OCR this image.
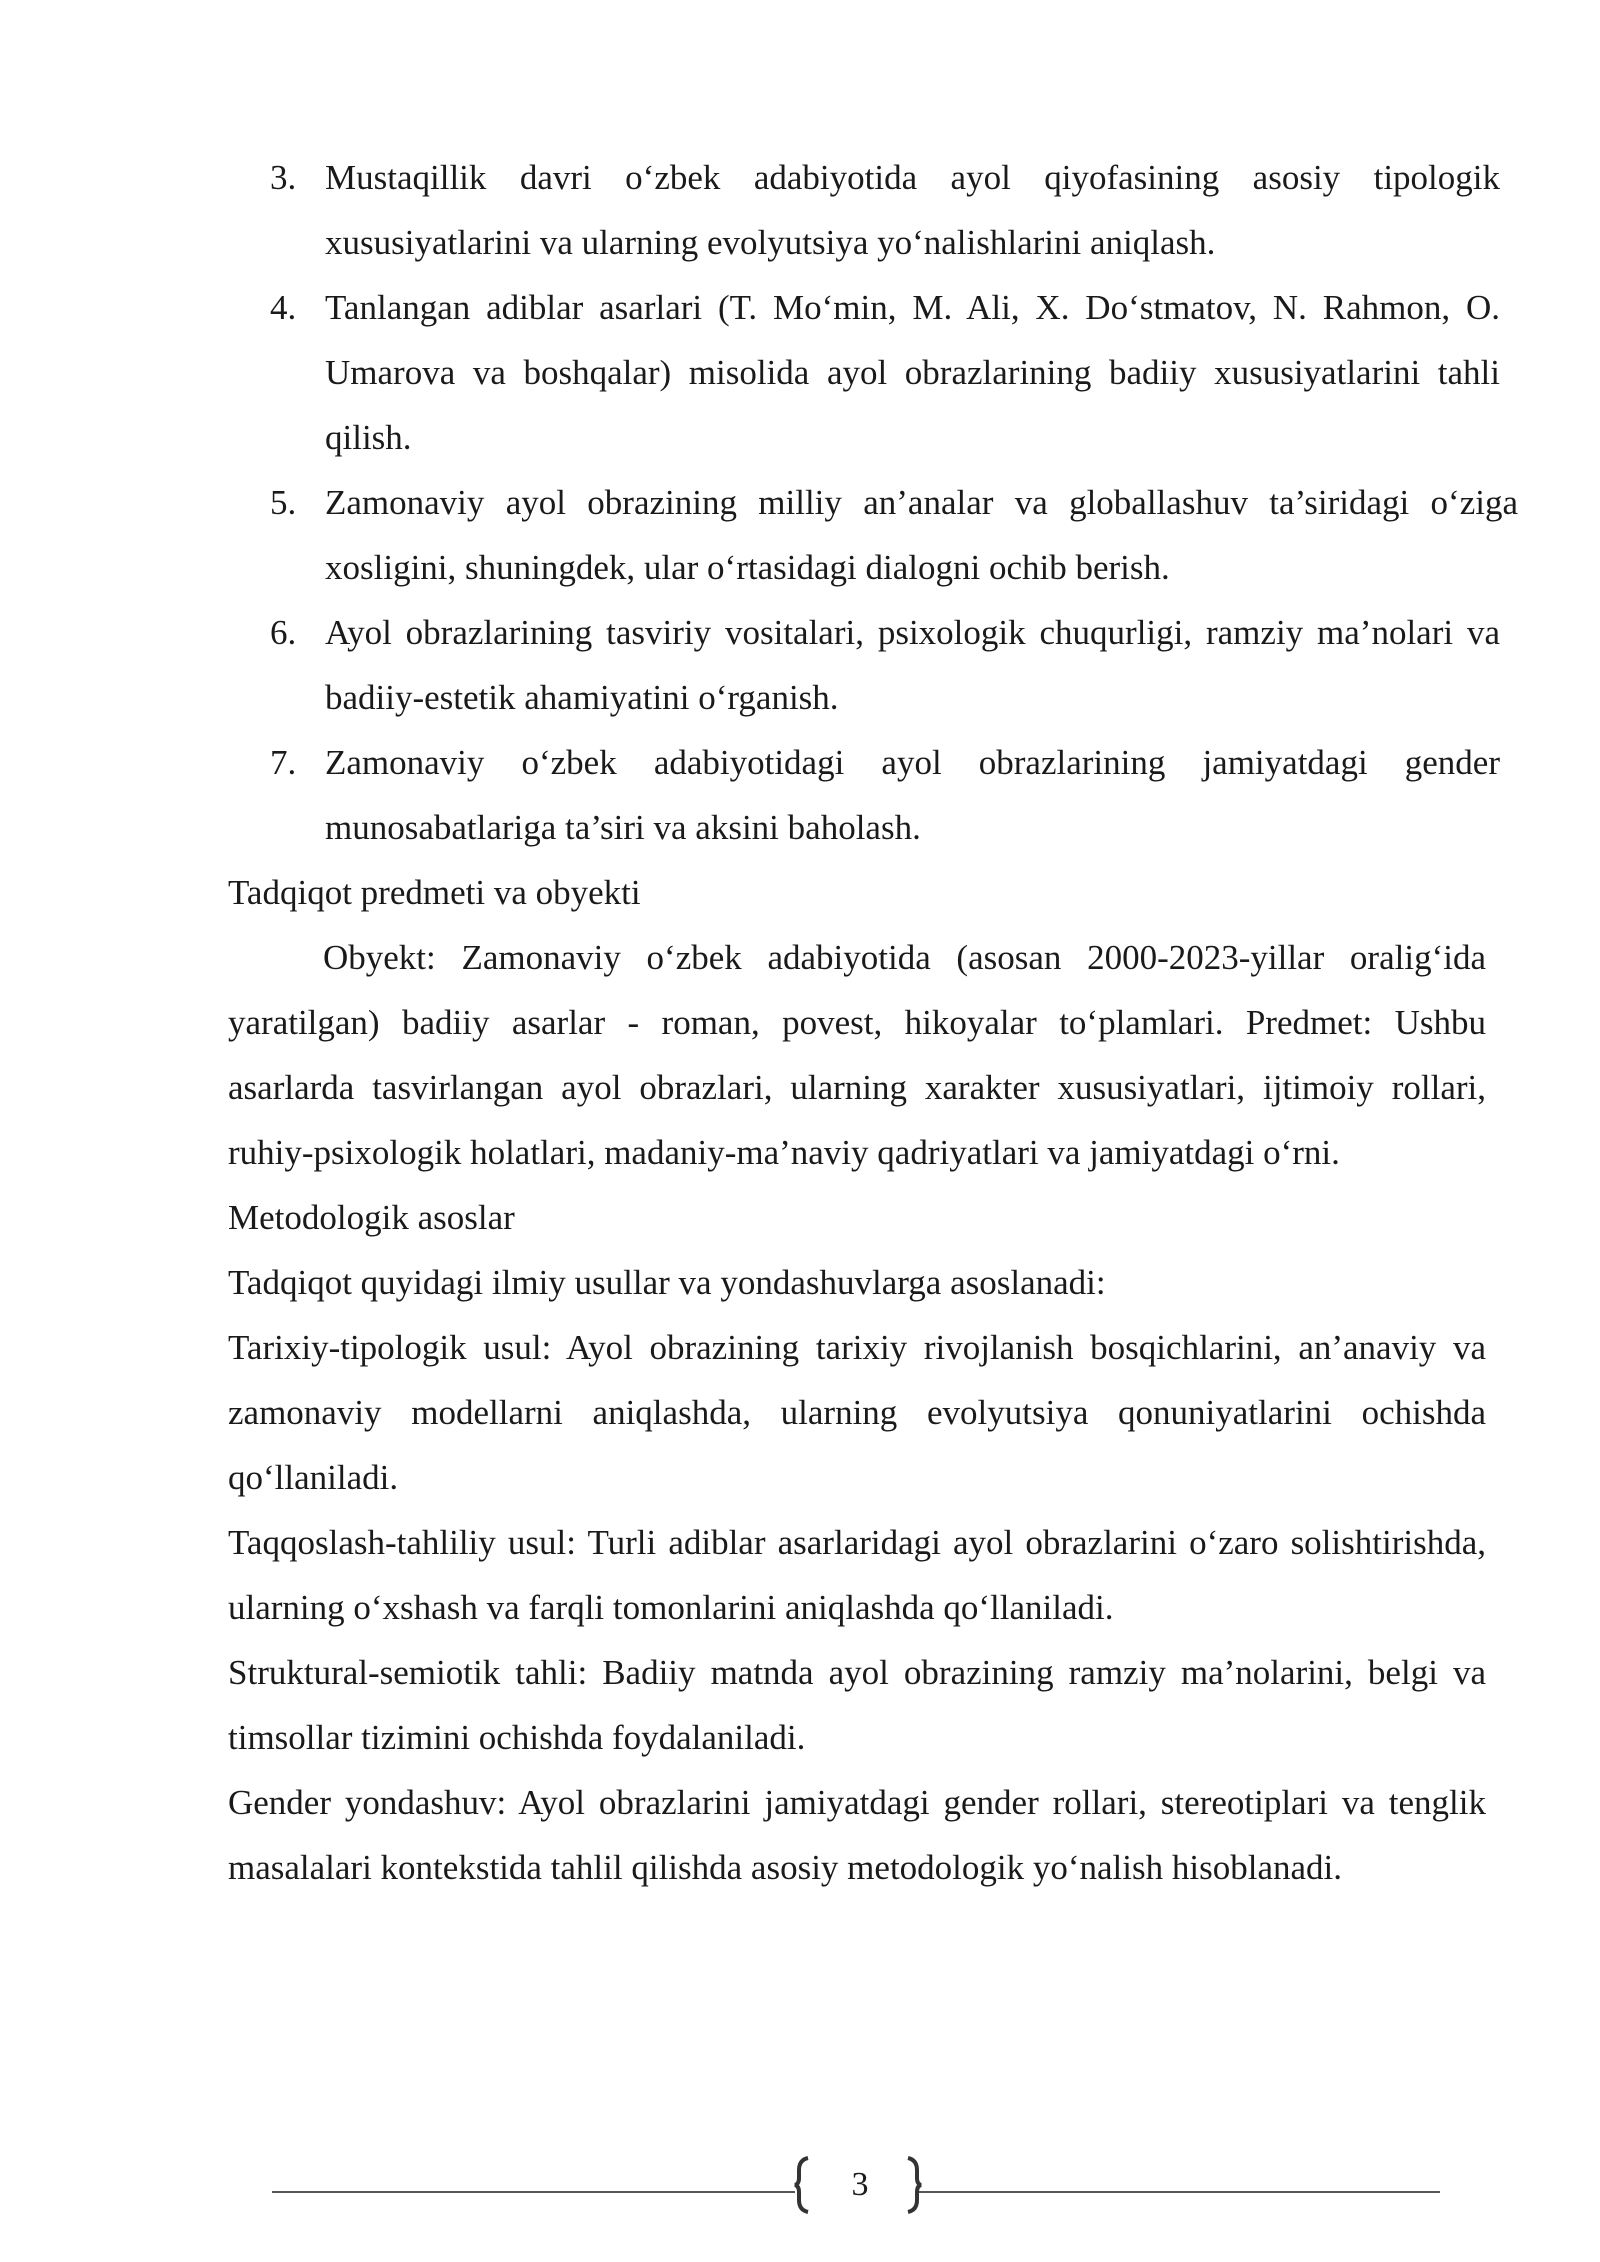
3. Mustaqillik davri o‘zbek adabiyotida ayol qiyofasining asosiy tipologik xususiyatlarini va ularning evolyutsiya yo‘nalishlarini aniqlash.
4. Tanlangan adiblar asarlari (T. Mo‘min, M. Ali, X. Do‘stmatov, N. Rahmon, O. Umarova va boshqalar) misolida ayol obrazlarining badiiy xususiyatlarini tahli qilish.
5. Zamonaviy ayol obrazining milliy an’analar va globallashuv ta’siridagi o‘ziga xosligini, shuningdek, ular o‘rtasidagi dialogni ochib berish.
6. Ayol obrazlarining tasviriy vositalari, psixologik chuqurligi, ramziy ma’nolari va badiiy-estetik ahamiyatini o‘rganish.
7. Zamonaviy o‘zbek adabiyotidagi ayol obrazlarining jamiyatdagi gender munosabatlariga ta’siri va aksini baholash.

Tadqiqot predmeti va obyekti

Obyekt: Zamonaviy o‘zbek adabiyotida (asosan 2000-2023-yillar oralig‘ida yaratilgan) badiiy asarlar - roman, povest, hikoyalar to‘plamlari. Predmet: Ushbu asarlarda tasvirlangan ayol obrazlari, ularning xarakter xususiyatlari, ijtimoiy rollari, ruhiy-psixologik holatlari, madaniy-ma’naviy qadriyatlari va jamiyatdagi o‘rni.

Metodologik asoslar

Tadqiqot quyidagi ilmiy usullar va yondashuvlarga asoslanadi:

Tarixiy-tipologik usul: Ayol obrazining tarixiy rivojlanish bosqichlarini, an’anaviy va zamonaviy modellarni aniqlashda, ularning evolyutsiya qonuniyatlarini ochishda qo‘llaniladi.

Taqqoslash-tahliliy usul: Turli adiblar asarlaridagi ayol obrazlarini o‘zaro solishtirishda, ularning o‘xshash va farqli tomonlarini aniqlashda qo‘llaniladi.

Struktural-semiotik tahli: Badiiy matnda ayol obrazining ramziy ma’nolarini, belgi va timsollar tizimini ochishda foydalaniladi.

Gender yondashuv: Ayol obrazlarini jamiyatdagi gender rollari, stereotiplari va tenglik masalalari kontekstida tahlil qilishda asosiy metodologik yo‘nalish hisoblanadi.

3
